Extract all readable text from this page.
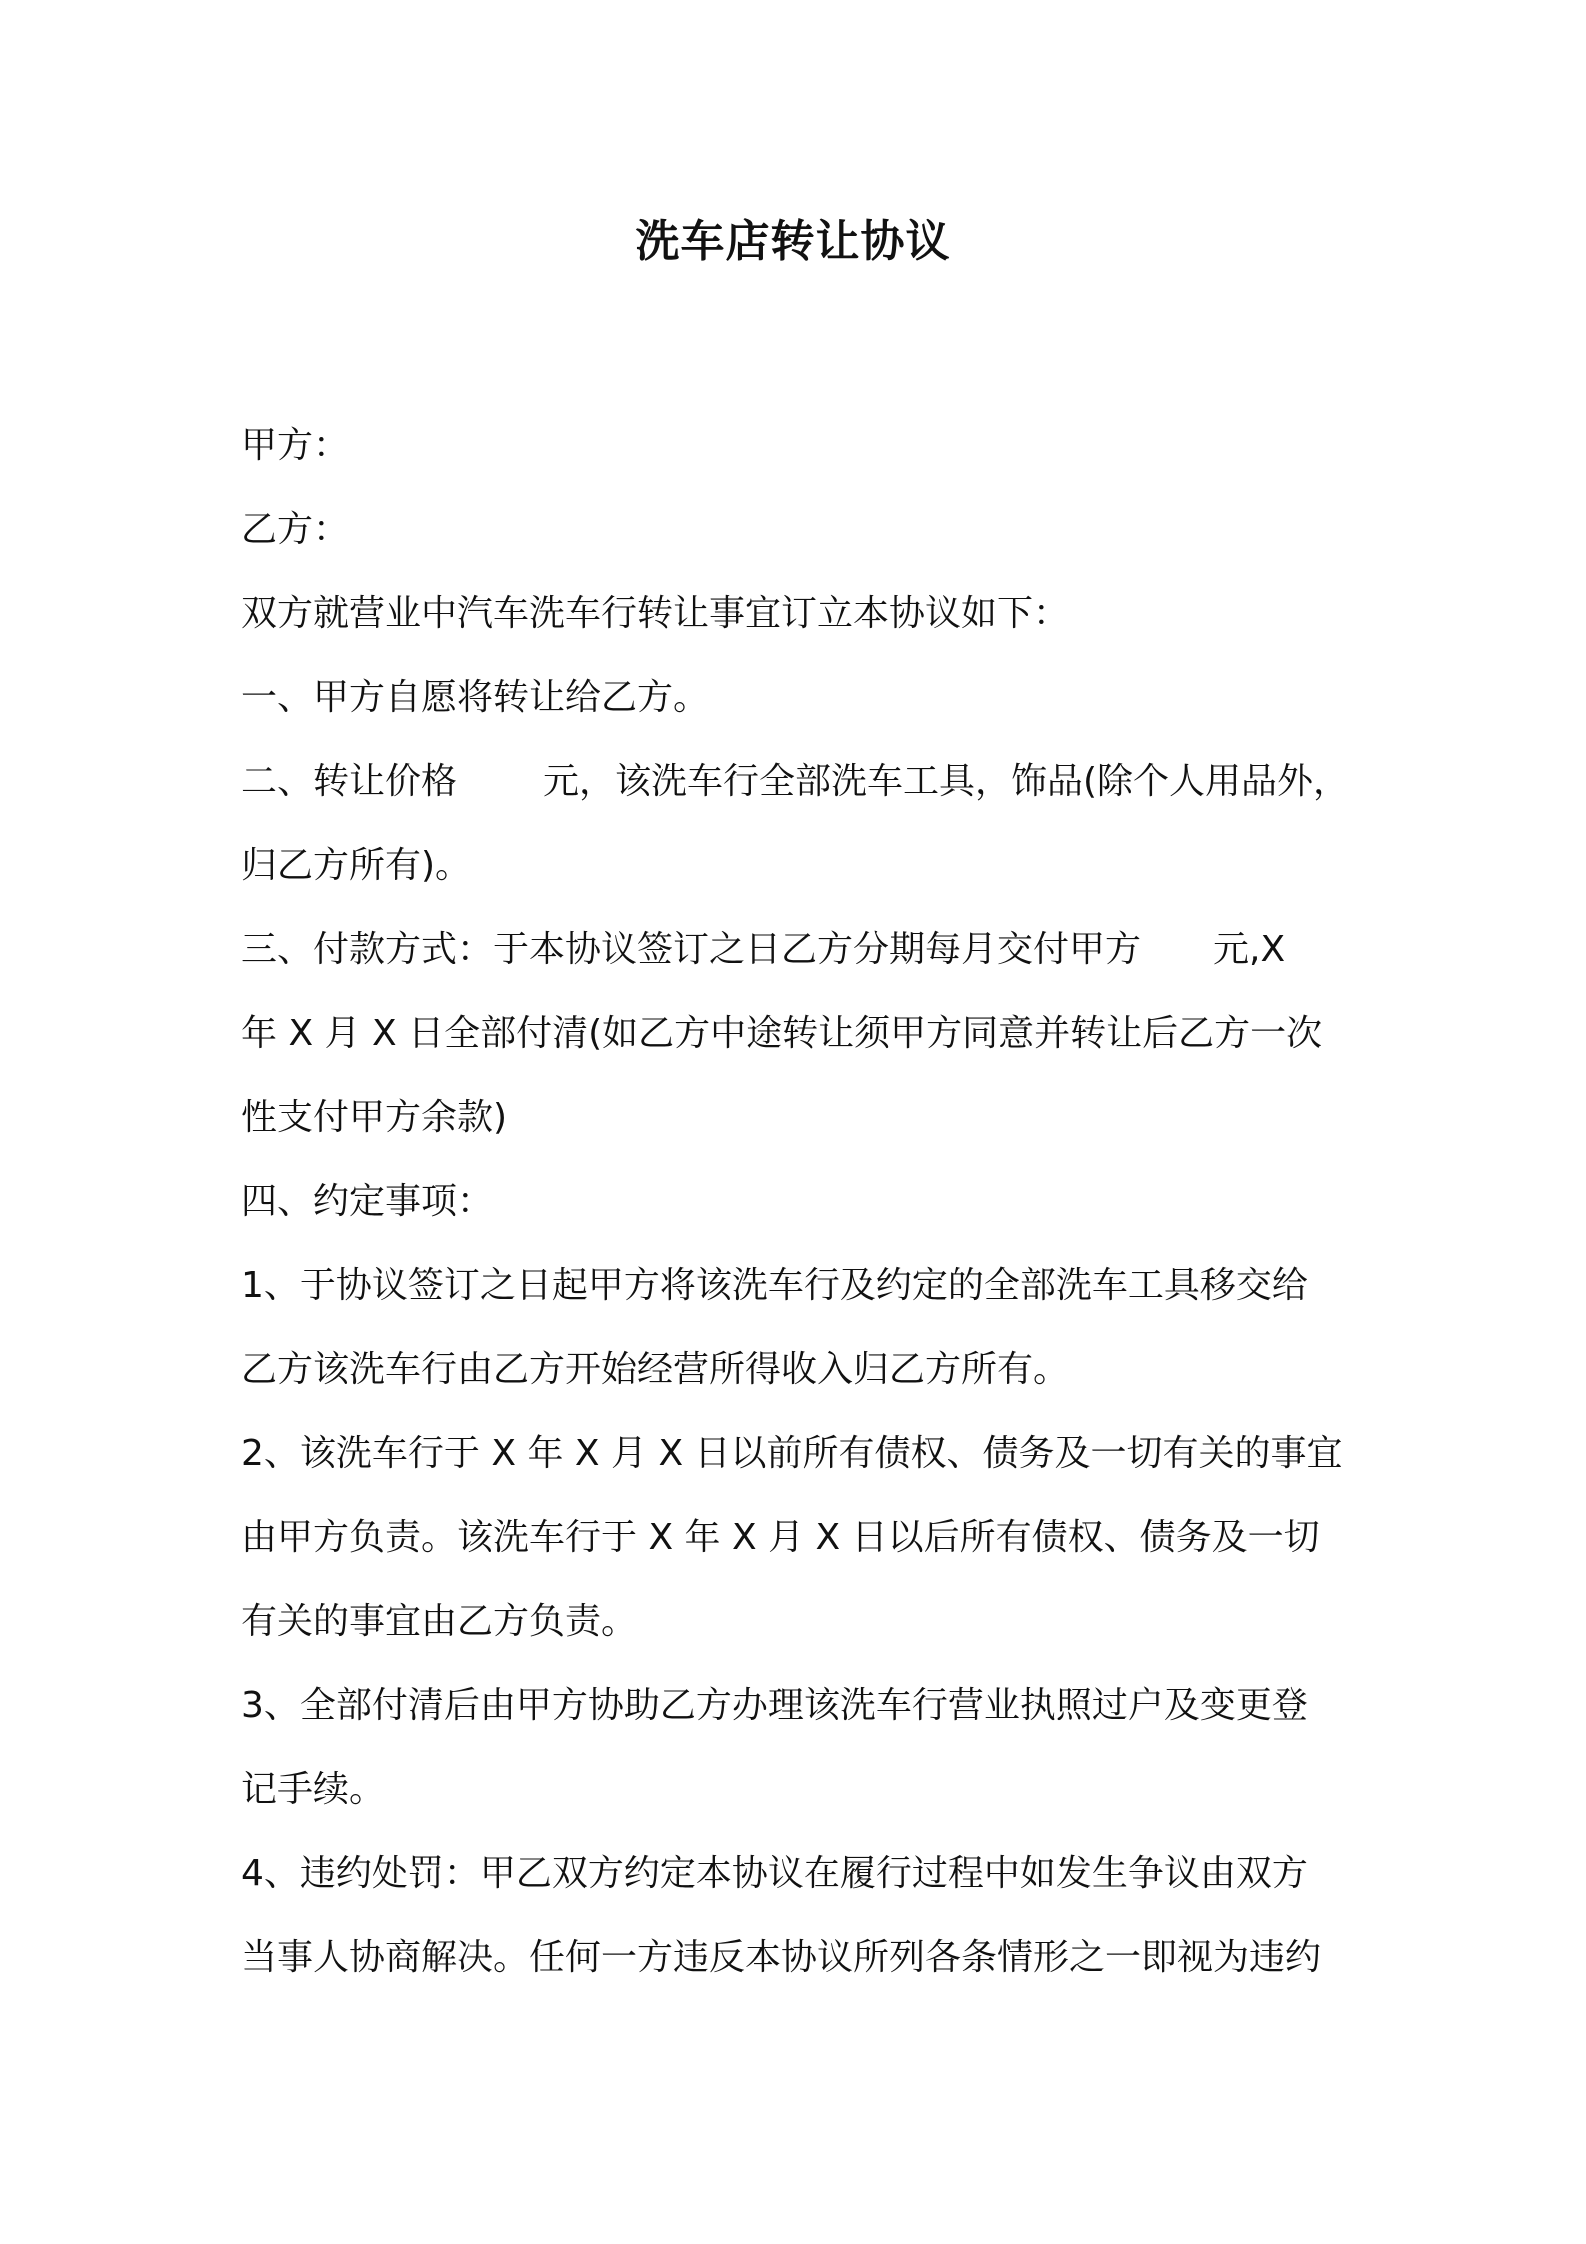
洗车店转让协议
甲方：
乙方：
双方就营业中汽车洗车行转让事宜订立本协议如下：
一、甲方自愿将转让给乙方。
二、转让价格 元，该洗车行全部洗车工具，饰品(除个人用品外，
归乙方所有)。
三、付款方式：于本协议签订之日乙方分期每月交付甲方 元,X
年 X 月 X 日全部付清(如乙方中途转让须甲方同意并转让后乙方一次
性支付甲方余款)
四、约定事项：
1、于协议签订之日起甲方将该洗车行及约定的全部洗车工具移交给
乙方该洗车行由乙方开始经营所得收入归乙方所有。
2、该洗车行于 X 年 X 月 X 日以前所有债权、债务及一切有关的事宜
由甲方负责。该洗车行于 X 年 X 月 X 日以后所有债权、债务及一切
有关的事宜由乙方负责。
3、全部付清后由甲方协助乙方办理该洗车行营业执照过户及变更登
记手续。
4、违约处罚：甲乙双方约定本协议在履行过程中如发生争议由双方
当事人协商解决。任何一方违反本协议所列各条情形之一即视为违约
